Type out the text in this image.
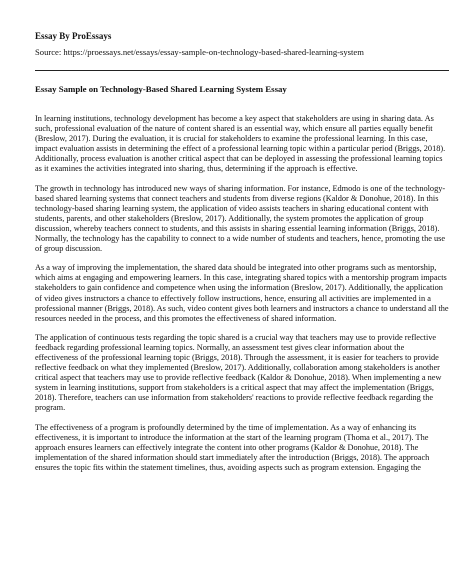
Essay By ProEssays
Source: https://proessays.net/essays/essay-sample-on-technology-based-shared-learning-system
Essay Sample on Technology-Based Shared Learning System Essay

In learning institutions, technology development has become a key aspect that stakeholders are using in sharing data. As such, professional evaluation of the nature of content shared is an essential way, which ensure all parties equally benefit (Breslow, 2017). During the evaluation, it is crucial for stakeholders to examine the professional learning. In this case, impact evaluation assists in determining the effect of a professional learning topic within a particular period (Briggs, 2018). Additionally, process evaluation is another critical aspect that can be deployed in assessing the professional learning topics as it examines the activities integrated into sharing, thus, determining if the approach is effective.

The growth in technology has introduced new ways of sharing information. For instance, Edmodo is one of the technology-based shared learning systems that connect teachers and students from diverse regions (Kaldor & Donohue, 2018). In this technology-based sharing learning system, the application of video assists teachers in sharing educational content with students, parents, and other stakeholders (Breslow, 2017). Additionally, the system promotes the application of group discussion, whereby teachers connect to students, and this assists in sharing essential learning information (Briggs, 2018). Normally, the technology has the capability to connect to a wide number of students and teachers, hence, promoting the use of group discussion.

As a way of improving the implementation, the shared data should be integrated into other programs such as mentorship, which aims at engaging and empowering learners. In this case, integrating shared topics with a mentorship program impacts stakeholders to gain confidence and competence when using the information (Breslow, 2017). Additionally, the application of video gives instructors a chance to effectively follow instructions, hence, ensuring all activities are implemented in a professional manner (Briggs, 2018). As such, video content gives both learners and instructors a chance to understand all the resources needed in the process, and this promotes the effectiveness of shared information.

The application of continuous tests regarding the topic shared is a crucial way that teachers may use to provide reflective feedback regarding professional learning topics. Normally, an assessment test gives clear information about the effectiveness of the professional learning topic (Briggs, 2018). Through the assessment, it is easier for teachers to provide reflective feedback on what they implemented (Breslow, 2017). Additionally, collaboration among stakeholders is another critical aspect that teachers may use to provide reflective feedback (Kaldor & Donohue, 2018). When implementing a new system in learning institutions, support from stakeholders is a critical aspect that may affect the implementation (Briggs, 2018). Therefore, teachers can use information from stakeholders' reactions to provide reflective feedback regarding the program.

The effectiveness of a program is profoundly determined by the time of implementation. As a way of enhancing its effectiveness, it is important to introduce the information at the start of the learning program (Thoma et al., 2017). The approach ensures learners can effectively integrate the content into other programs (Kaldor & Donohue, 2018). The implementation of the shared information should start immediately after the introduction (Briggs, 2018). The approach ensures the topic fits within the statement timelines, thus, avoiding aspects such as program extension. Engaging the
